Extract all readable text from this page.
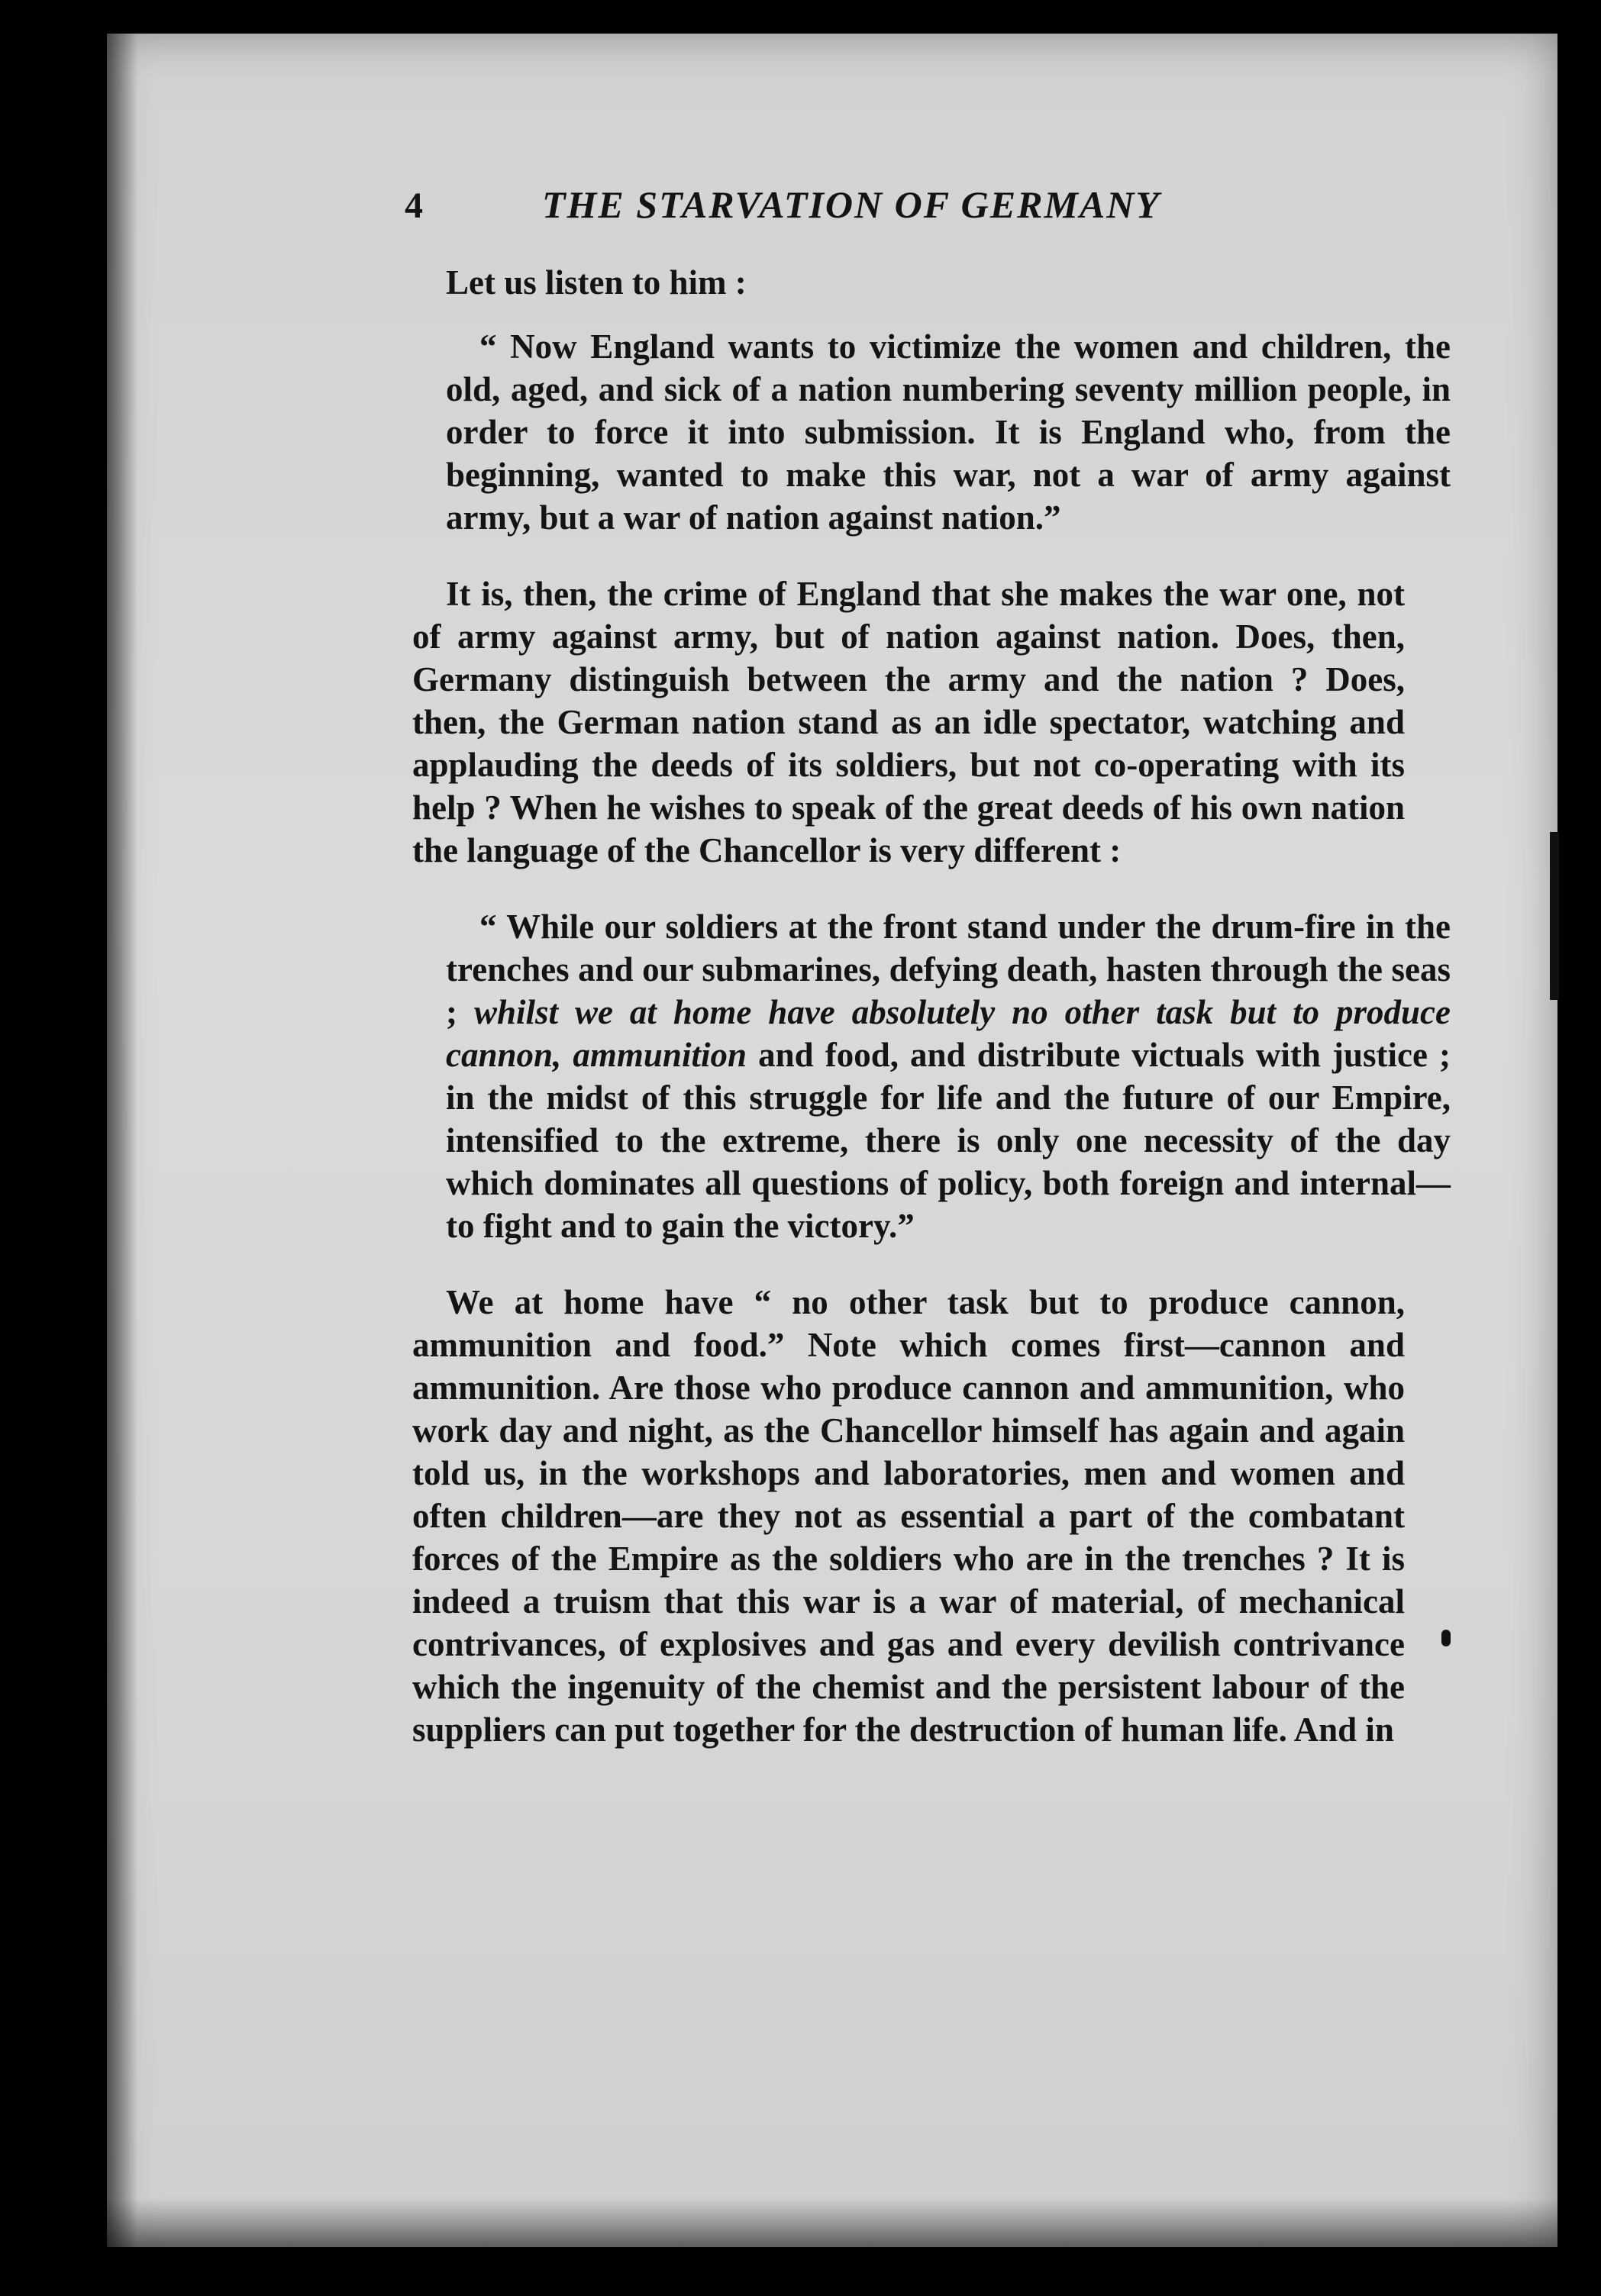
4	THE STARVATION OF GERMANY

Let us listen to him :

“ Now England wants to victimize the women and children, the old, aged, and sick of a nation numbering seventy million people, in order to force it into submission. It is England who, from the beginning, wanted to make this war, not a war of army against army, but a war of nation against nation.”

It is, then, the crime of England that she makes the war one, not of army against army, but of nation against nation. Does, then, Germany distinguish between the army and the nation ? Does, then, the German nation stand as an idle spectator, watching and applauding the deeds of its soldiers, but not co-operating with its help ? When he wishes to speak of the great deeds of his own nation the language of the Chancellor is very different :

“ While our soldiers at the front stand under the drum-fire in the trenches and our submarines, defying death, hasten through the seas ; whilst we at home have absolutely no other task but to produce cannon, ammunition and food, and distribute victuals with justice ; in the midst of this struggle for life and the future of our Empire, intensified to the extreme, there is only one necessity of the day which dominates all questions of policy, both foreign and internal—to fight and to gain the victory.”

We at home have “ no other task but to produce cannon, ammunition and food.” Note which comes first—cannon and ammunition. Are those who produce cannon and ammunition, who work day and night, as the Chancellor himself has again and again told us, in the workshops and laboratories, men and women and often children—are they not as essential a part of the combatant forces of the Empire as the soldiers who are in the trenches ? It is indeed a truism that this war is a war of material, of mechanical contrivances, of explosives and gas and every devilish contrivance which the ingenuity of the chemist and the persistent labour of the suppliers can put together for the destruction of human life. And in
